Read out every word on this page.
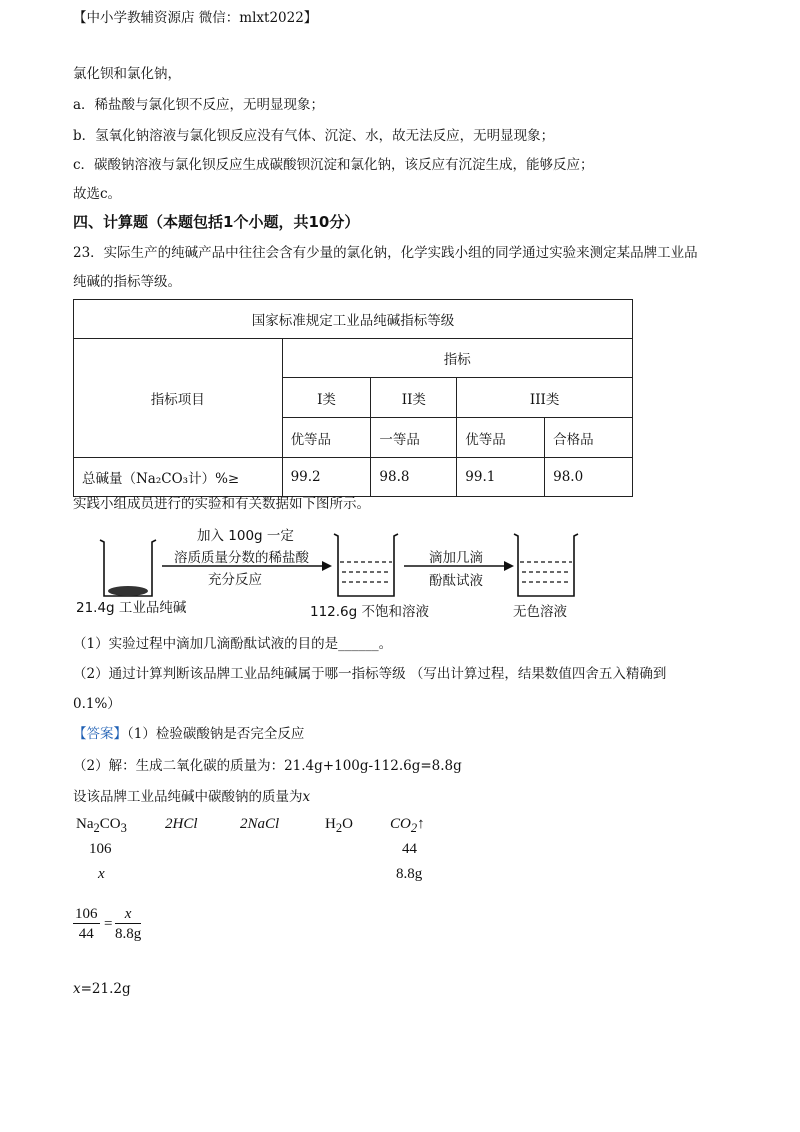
【中小学教辅资源店 微信：mlxt2022】
氯化钡和氯化钠，
a．稀盐酸与氯化钡不反应，无明显现象；
b．氢氧化钠溶液与氯化钡反应没有气体、沉淀、水，故无法反应，无明显现象；
c．碳酸钠溶液与氯化钡反应生成碳酸钡沉淀和氯化钠，该反应有沉淀生成，能够反应；
故选c。
四、计算题（本题包括1个小题，共10分）
23．实际生产的纯碱产品中往往会含有少量的氯化钠，化学实践小组的同学通过实验来测定某品牌工业品
纯碱的指标等级。
国家标准规定工业品纯碱指标等级				
指标项目	指标			
	I类	II类	III类	
	优等品	一等品	优等品	合格品
总碱量（Na₂CO₃计）%≥	99.2	98.8	99.1	98.0
实践小组成员进行的实验和有关数据如下图所示。
加入 100g 一定
溶质质量分数的稀盐酸
充分反应
滴加几滴
酚酞试液
21.4g 工业品纯碱	112.6g 不饱和溶液	无色溶液
（1）实验过程中滴加几滴酚酞试液的目的是______。
（2）通过计算判断该品牌工业品纯碱属于哪一指标等级 （写出计算过程，结果数值四舍五入精确到
0.1%）
【答案】（1）检验碳酸钠是否完全反应
（2）解：生成二氧化碳的质量为：21.4g+100g-112.6g=8.8g
设该品牌工业品纯碱中碳酸钠的质量为x
$Na_2CO_3$	2HCl	2NaCl	$H_2O$ $CO_2↑$
106	44
x	8.8g
$\frac{106}{44} = \frac{x}{8.8g}$
x=21.2g
